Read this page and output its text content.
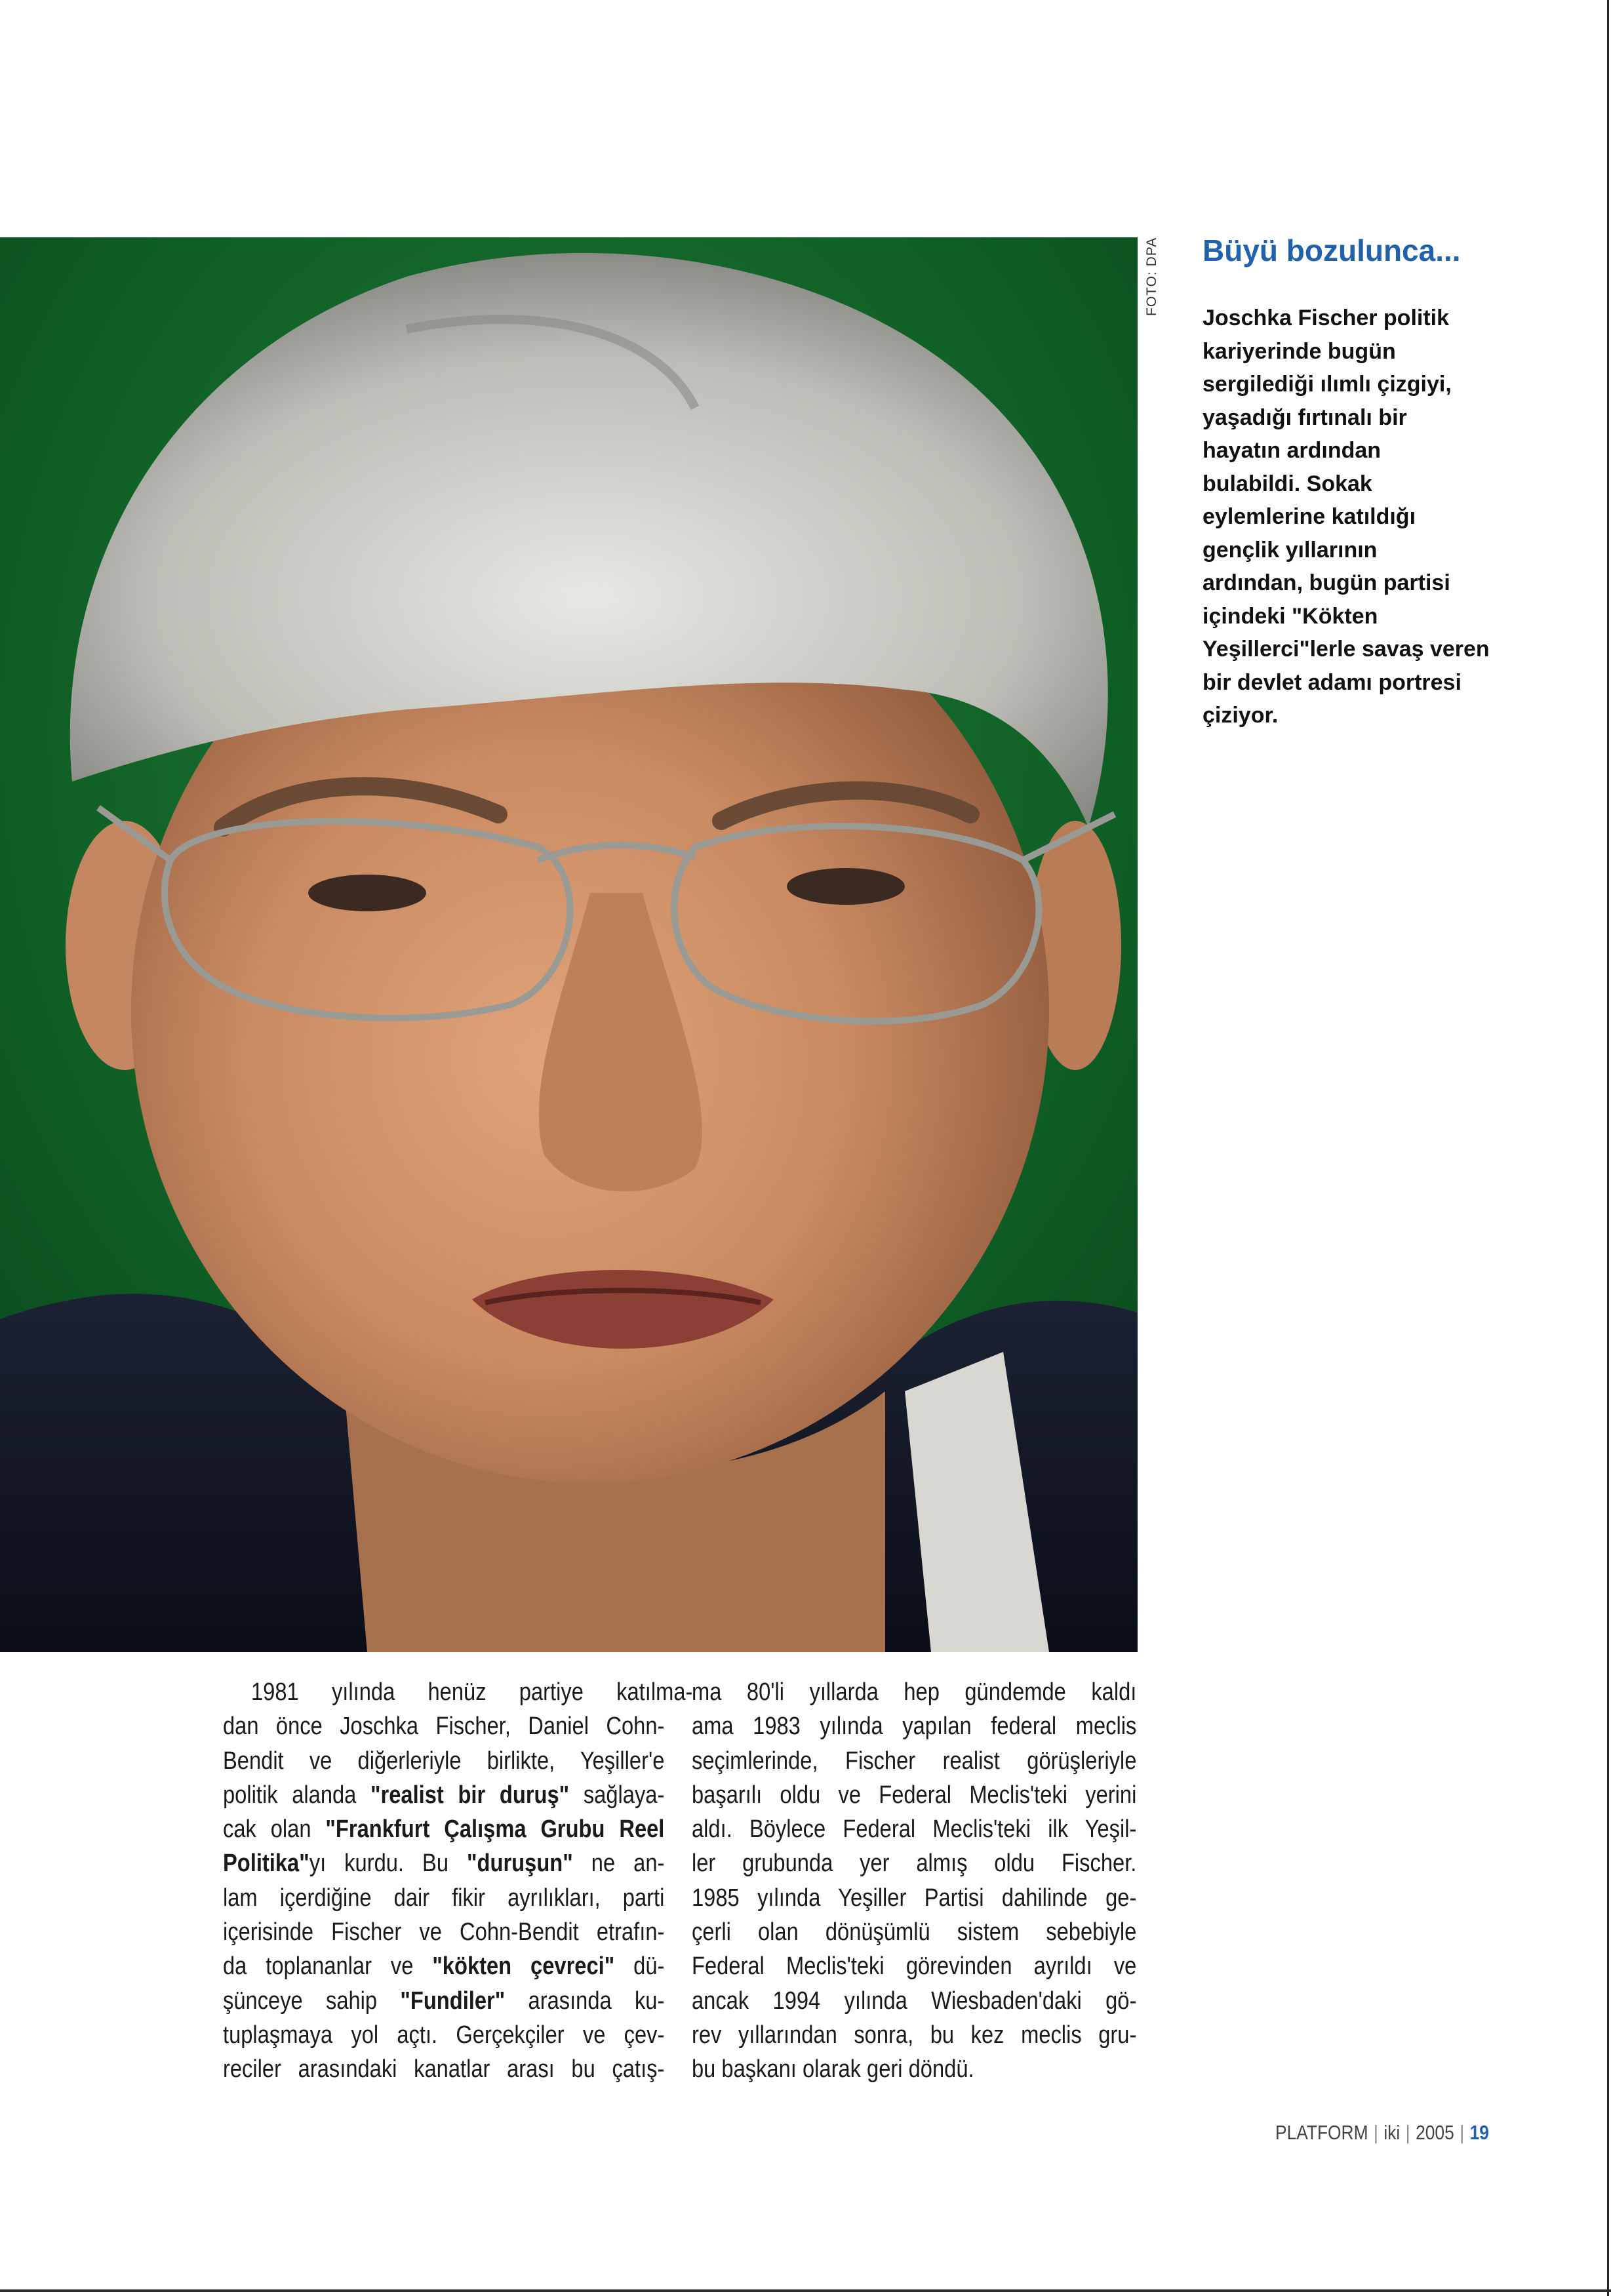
FOTO: DPA	Büyü bozulunca...
Joschka Fischer politik
kariyerinde bugün
sergilediği ılımlı çizgiyi,
yaşadığı fırtınalı bir
hayatın ardından
bulabildi. Sokak
eylemlerine katıldığı
gençlik yıllarının
ardından, bugün partisi
içindeki "Kökten
Yeşillerci"lerle savaş veren
bir devlet adamı portresi
çiziyor.
1981 yılında henüz partiye katılma-
dan önce Joschka Fischer, Daniel Cohn-
Bendit ve diğerleriyle birlikte, Yeşiller'e
politik alanda "realist bir duruş" sağlaya-
cak olan "Frankfurt Çalışma Grubu Reel
Politika"yı kurdu. Bu "duruşun" ne an-
lam içerdiğine dair fikir ayrılıkları, parti
içerisinde Fischer ve Cohn-Bendit etrafın-
da toplananlar ve "kökten çevreci" dü-
şünceye sahip "Fundiler" arasında ku-
tuplaşmaya yol açtı. Gerçekçiler ve çev-
reciler arasındaki kanatlar arası bu çatış-
ma 80'li yıllarda hep gündemde kaldı
ama 1983 yılında yapılan federal meclis
seçimlerinde, Fischer realist görüşleriyle
başarılı oldu ve Federal Meclis'teki yerini
aldı. Böylece Federal Meclis'teki ilk Yeşil-
ler grubunda yer almış oldu Fischer.
1985 yılında Yeşiller Partisi dahilinde ge-
çerli olan dönüşümlü sistem sebebiyle
Federal Meclis'teki görevinden ayrıldı ve
ancak 1994 yılında Wiesbaden'daki gö-
rev yıllarından sonra, bu kez meclis gru-
bu başkanı olarak geri döndü.
PLATFORM | iki | 2005 | 19
